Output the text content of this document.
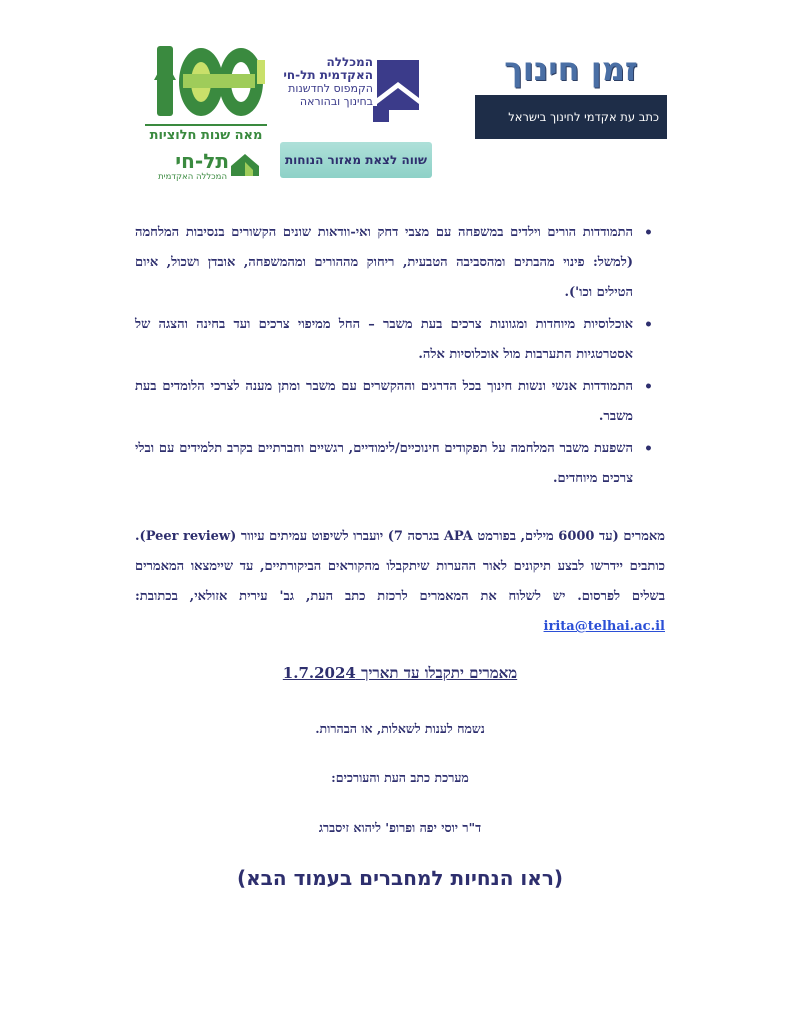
מאה שנות חלוציות
תל-חי
המכללה האקדמית
המכללה
האקדמית תל-חי
הקמפוס לחדשנות
בחינוך ובהוראה
שווה לצאת מאזור הנוחות
זמן חינוך
כתב עת אקדמי לחינוך בישראל
•
התמודדות הורים וילדים במשפחה עם מצבי דחק ואי-וודאות שונים הקשורים בנסיבות המלחמה (למשל: פינוי מהבתים ומהסביבה הטבעית, ריחוק מההורים ומהמשפחה, אובדן ושכול, איום הטילים וכו').
•
אוכלוסיות מיוחדות ומגוונות צרכים בעת משבר – החל ממיפוי צרכים ועד בחינה והצגה של אסטרטגיות התערבות מול אוכלוסיות אלה.
•
התמודדות אנשי ונשות חינוך בכל הדרגים וההקשרים עם משבר ומתן מענה לצרכי הלומדים בעת משבר.
•
השפעת משבר המלחמה על תפקודים חינוכיים/לימודיים, רגשיים וחברתיים בקרב תלמידים עם ובלי צרכים מיוחדים.
מאמרים (עד 6000 מילים, בפורמט APA בגרסה 7) יועברו לשיפוט עמיתים עיוור (Peer review). כותבים יידרשו לבצע תיקונים לאור ההערות שיתקבלו מהקוראים הביקורתיים, עד שיימצאו המאמרים בשלים לפרסום. יש לשלוח את המאמרים לרכזת כתב העת, גב' עירית אזולאי, בכתובת: irita@telhai.ac.il
מאמרים יתקבלו עד תאריך 1.7.2024
נשמח לענות לשאלות, או הבהרות.
מערכת כתב העת והעורכים:
ד"ר יוסי יפה ופרופ' ליהוא זיסברג
(ראו הנחיות למחברים בעמוד הבא)
